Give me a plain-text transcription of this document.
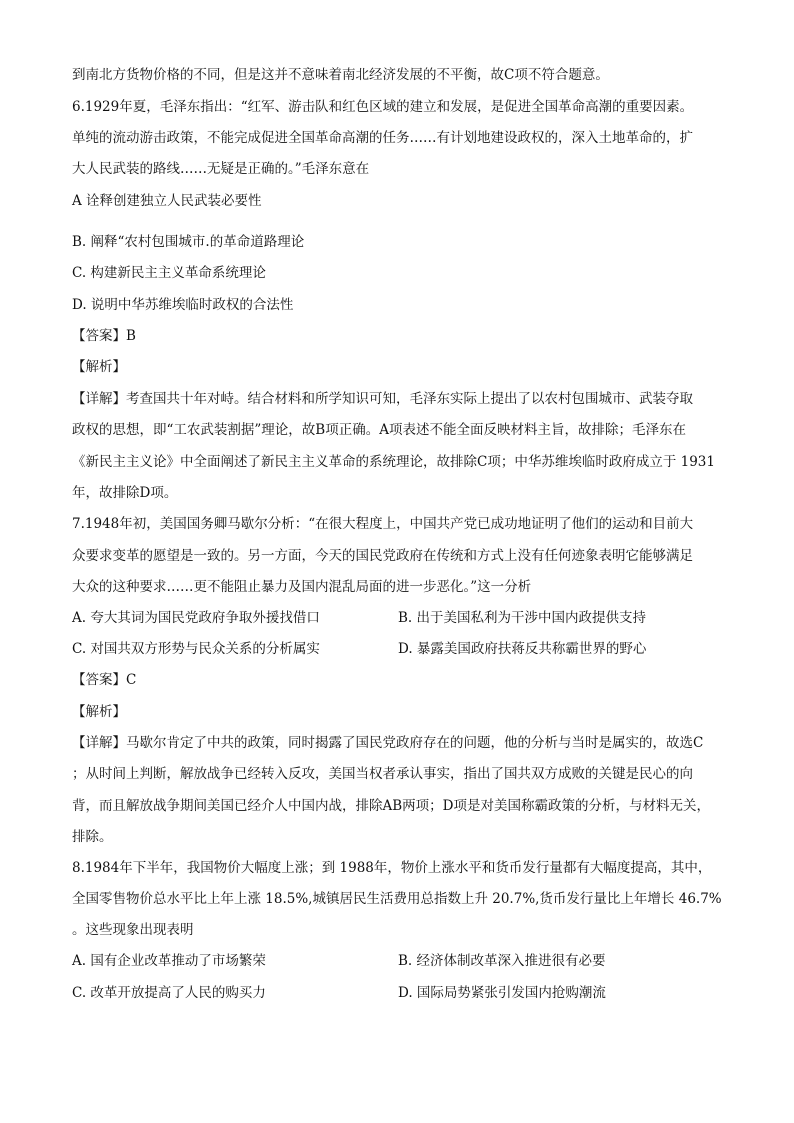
到南北方货物价格的不同，但是这并不意味着南北经济发展的不平衡，故C项不符合题意。
6.1929年夏，毛泽东指出：“红军、游击队和红色区域的建立和发展，是促进全国革命高潮的重要因素。
单纯的流动游击政策，不能完成促进全国革命高潮的任务……有计划地建设政权的，深入土地革命的，扩
大人民武装的路线……无疑是正确的。”毛泽东意在
A 诠释创建独立人民武装必要性
B. 阐释“农村包围城市.的革命道路理论
C. 构建新民主主义革命系统理论
D. 说明中华苏维埃临时政权的合法性
【答案】B
【解析】
【详解】考查国共十年对峙。结合材料和所学知识可知，毛泽东实际上提出了以农村包围城市、武装夺取
政权的思想，即“工农武装割据”理论，故B项正确。A项表述不能全面反映材料主旨，故排除；毛泽东在
《新民主主义论》中全面阐述了新民主主义革命的系统理论，故排除C项；中华苏维埃临时政府成立于 1931
年，故排除D项。
7.1948年初，美国国务卿马歇尔分析：“在很大程度上，中国共产党已成功地证明了他们的运动和目前大
众要求变革的愿望是一致的。另一方面，今天的国民党政府在传统和方式上没有任何迹象表明它能够满足
大众的这种要求……更不能阻止暴力及国内混乱局面的进一步恶化。”这一分析
A. 夸大其词为国民党政府争取外援找借口	B. 出于美国私利为干涉中国内政提供支持
C. 对国共双方形势与民众关系的分析属实	D. 暴露美国政府扶蒋反共称霸世界的野心
【答案】C
【解析】
【详解】马歇尔肯定了中共的政策，同时揭露了国民党政府存在的问题，他的分析与当时是属实的，故选C
；从时间上判断，解放战争已经转入反攻，美国当权者承认事实，指出了国共双方成败的关键是民心的向
背，而且解放战争期间美国已经介人中国内战，排除AB两项；D项是对美国称霸政策的分析，与材料无关，
排除。
8.1984年下半年，我国物价大幅度上涨；到 1988年，物价上涨水平和货币发行量都有大幅度提高，其中，
全国零售物价总水平比上年上涨 18.5%,城镇居民生活费用总指数上升 20.7%,货币发行量比上年增长 46.7%
。这些现象出现表明
A. 国有企业改革推动了市场繁荣	B. 经济体制改革深入推进很有必要
C. 改革开放提高了人民的购买力	D. 国际局势紧张引发国内抢购潮流
